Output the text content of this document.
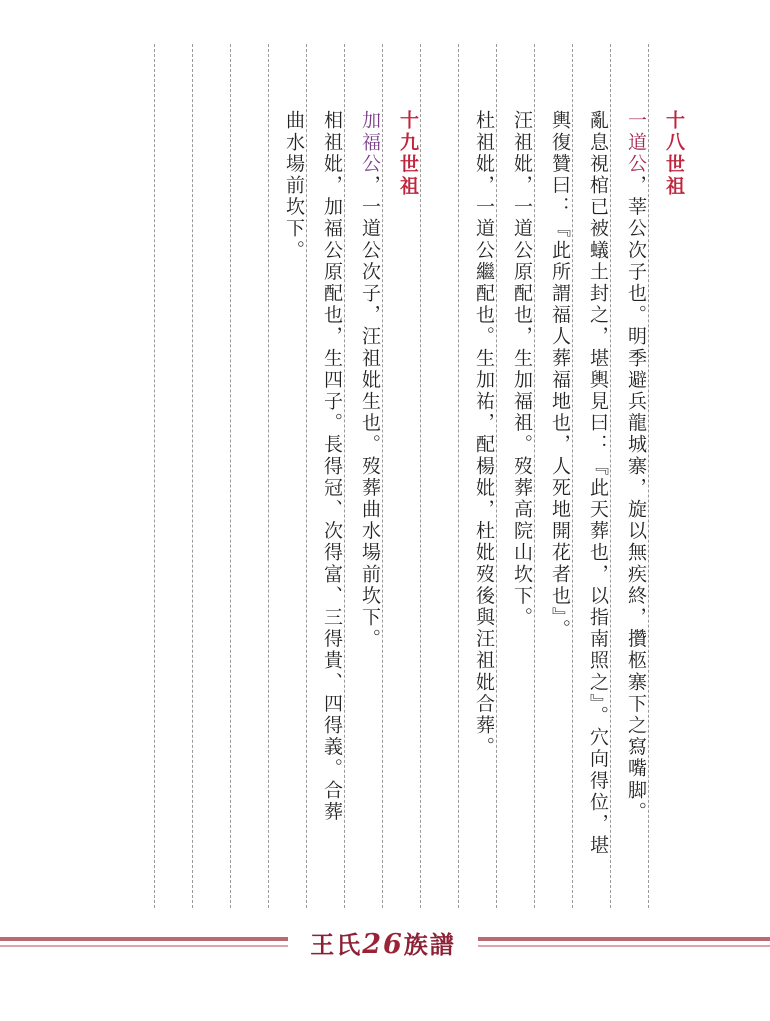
十八世祖
一道公，莘公次子也。明季避兵龍城寨，旋以無疾終，攢柩寨下之寫嘴脚。
亂息視棺已被蟻土封之，堪輿見曰：『此天葬也，以指南照之』。穴向得位，堪
輿復贊曰：『此所謂福人葬福地也，人死地開花者也』。
汪祖妣，一道公原配也，生加福祖。歿葬高院山坎下。
杜祖妣，一道公繼配也。生加祐，配楊妣，杜妣歿後與汪祖妣合葬。
十九世祖
加福公，一道公次子，汪祖妣生也。歿葬曲水場前坎下。
相祖妣，加福公原配也，生四子。長得冠、次得富、三得貴、四得義。合葬
曲水場前坎下。
王氏26族譜
